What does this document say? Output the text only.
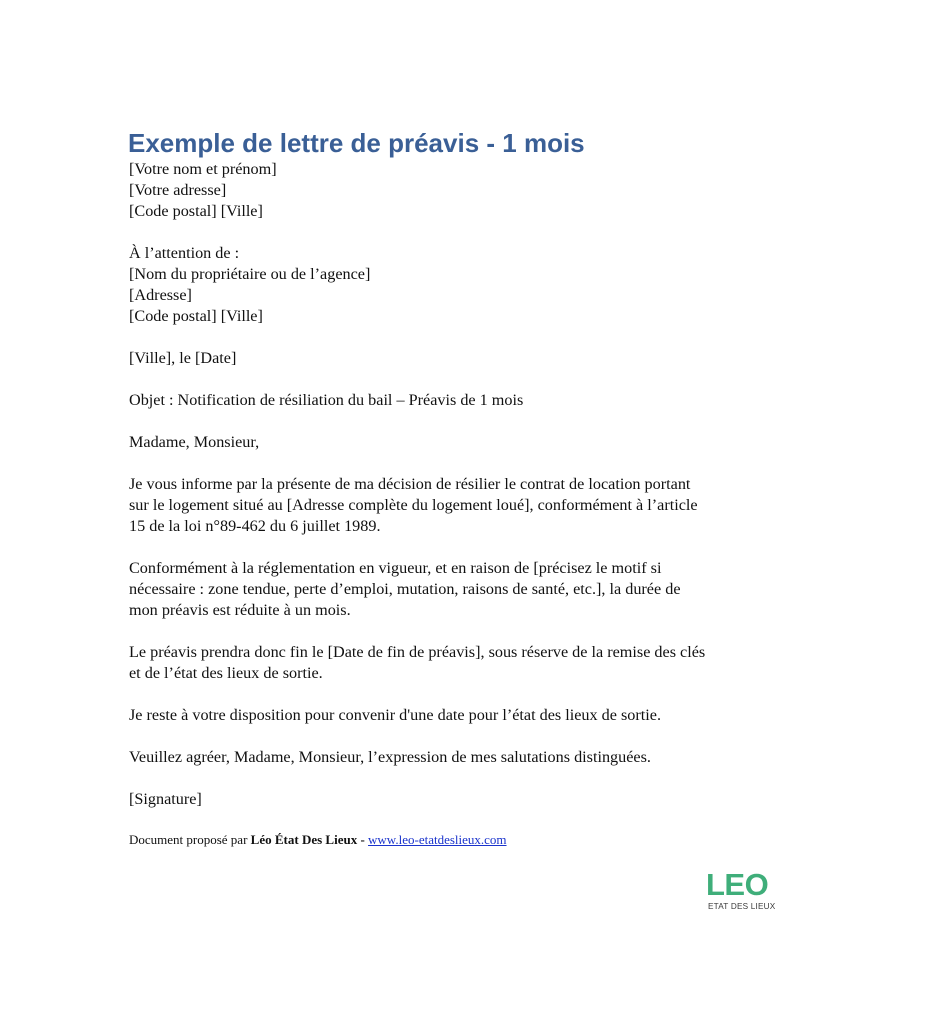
Exemple de lettre de préavis - 1 mois
[Votre nom et prénom]
[Votre adresse]
[Code postal] [Ville]
À l’attention de :
[Nom du propriétaire ou de l’agence]
[Adresse]
[Code postal] [Ville]
[Ville], le [Date]
Objet : Notification de résiliation du bail – Préavis de 1 mois
Madame, Monsieur,
Je vous informe par la présente de ma décision de résilier le contrat de location portant
sur le logement situé au [Adresse complète du logement loué], conformément à l’article
15 de la loi n°89-462 du 6 juillet 1989.
Conformément à la réglementation en vigueur, et en raison de [précisez le motif si
nécessaire : zone tendue, perte d’emploi, mutation, raisons de santé, etc.], la durée de
mon préavis est réduite à un mois.
Le préavis prendra donc fin le [Date de fin de préavis], sous réserve de la remise des clés
et de l’état des lieux de sortie.
Je reste à votre disposition pour convenir d'une date pour l’état des lieux de sortie.
Veuillez agréer, Madame, Monsieur, l’expression de mes salutations distinguées.
[Signature]
Document proposé par Léo État Des Lieux - www.leo-etatdeslieux.com
LEO
ETAT DES LIEUX
